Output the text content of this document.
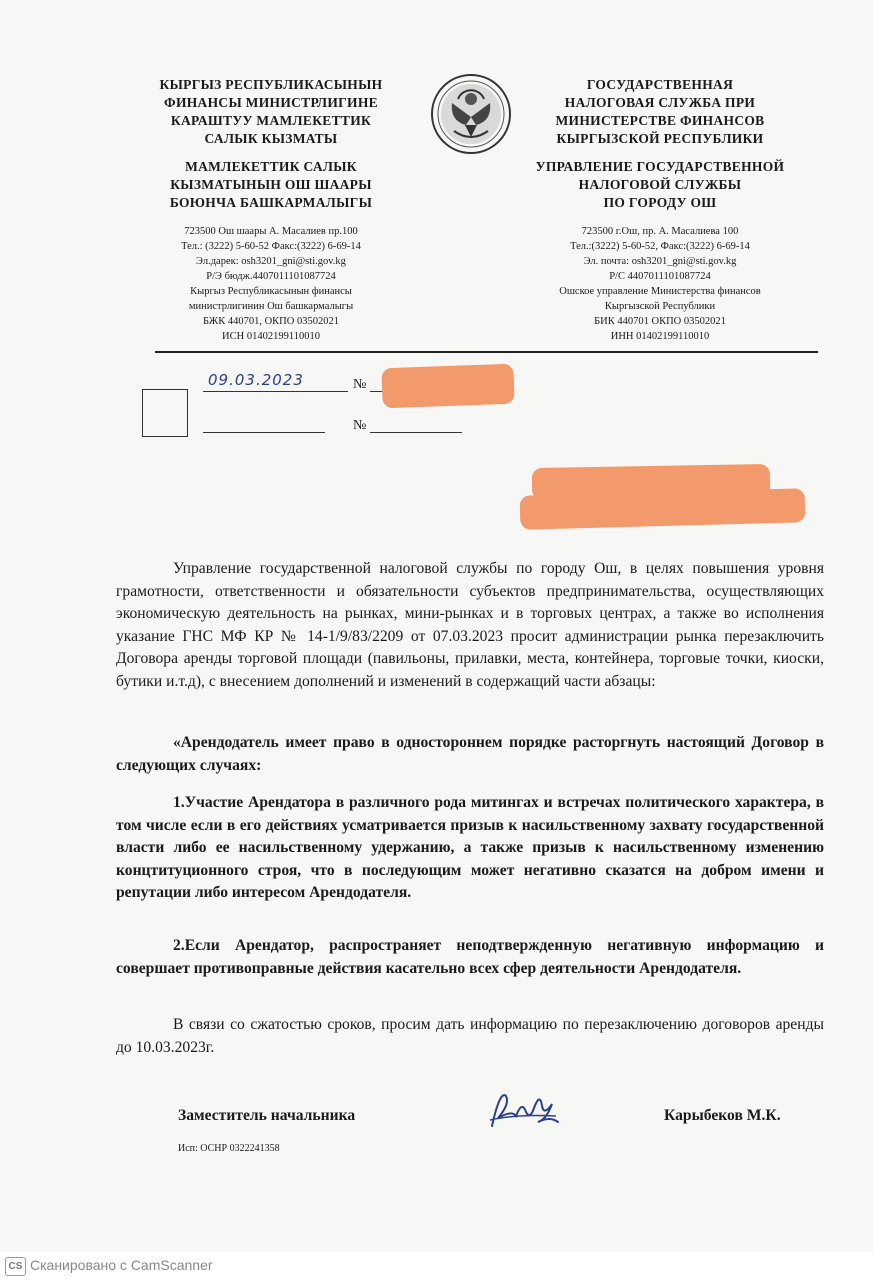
КЫРГЫЗ РЕСПУБЛИКАСЫНЫН
ФИНАНСЫ МИНИСТРЛИГИНЕ
КАРАШТУУ МАМЛЕКЕТТИК
САЛЫК КЫЗМАТЫ
МАМЛЕКЕТТИК САЛЫК
КЫЗМАТЫНЫН ОШ ШААРЫ
БОЮНЧА БАШКАРМАЛЫГЫ
723500 Ош шаары А. Масалиев пр.100
Тел.: (3222) 5-60-52 Факс:(3222) 6-69-14
Эл.дарек: osh3201_gni@sti.gov.kg
Р/Э бюдж.4407011101087724
Кыргыз Республикасынын финансы
министрлигинин Ош башкармалыгы
БЖК 440701, ОКПО 03502021
ИСН 01402199110010
ГОСУДАРСТВЕННАЯ
НАЛОГОВАЯ СЛУЖБА ПРИ
МИНИСТЕРСТВЕ ФИНАНСОВ
КЫРГЫЗСКОЙ РЕСПУБЛИКИ
УПРАВЛЕНИЕ ГОСУДАРСТВЕННОЙ
НАЛОГОВОЙ СЛУЖБЫ
ПО ГОРОДУ ОШ
723500 г.Ош, пр. А. Масалиева 100
Тел.:(3222) 5-60-52, Факс:(3222) 6-69-14
Эл. почта: osh3201_gni@sti.gov.kg
Р/С 4407011101087724
Ошское управление Министерства финансов
Кыргызской Республики
БИК 440701 ОКПО 03502021
ИНН 01402199110010
09.03.2023	№
№
Управление государственной налоговой службы по городу Ош, в целях повышения уровня грамотности, ответственности и обязательности субъектов предпринимательства, осуществляющих экономическую деятельность на рынках, мини-рынках и в торговых центрах, а также во исполнения указание ГНС МФ КР № 14-1/9/83/2209 от 07.03.2023 просит администрации рынка перезаключить Договора аренды торговой площади (павильоны, прилавки, места, контейнера, торговые точки, киоски, бутики и.т.д), с внесением дополнений и изменений в содержащий части абзацы:
«Арендодатель имеет право в одностороннем порядке расторгнуть настоящий Договор в следующих случаях:
1.Участие Арендатора в различного рода митингах и встречах политического характера, в том числе если в его действиях усматривается призыв к насильственному захвату государственной власти либо ее насильственному удержанию, а также призыв к насильственному изменению концтитуционного строя, что в последующим может негативно сказатся на добром имени и репутации либо интересом Арендодателя.
2.Если Арендатор, распространяет неподтвержденную негативную информацию и совершает противоправные действия касательно всех сфер деятельности Арендодателя.
В связи со сжатостью сроков, просим дать информацию по перезаключению договоров аренды до 10.03.2023г.
Заместитель начальника	Карыбеков М.К.
Исп: ОСНР 0322241358
CS Сканировано с CamScanner
